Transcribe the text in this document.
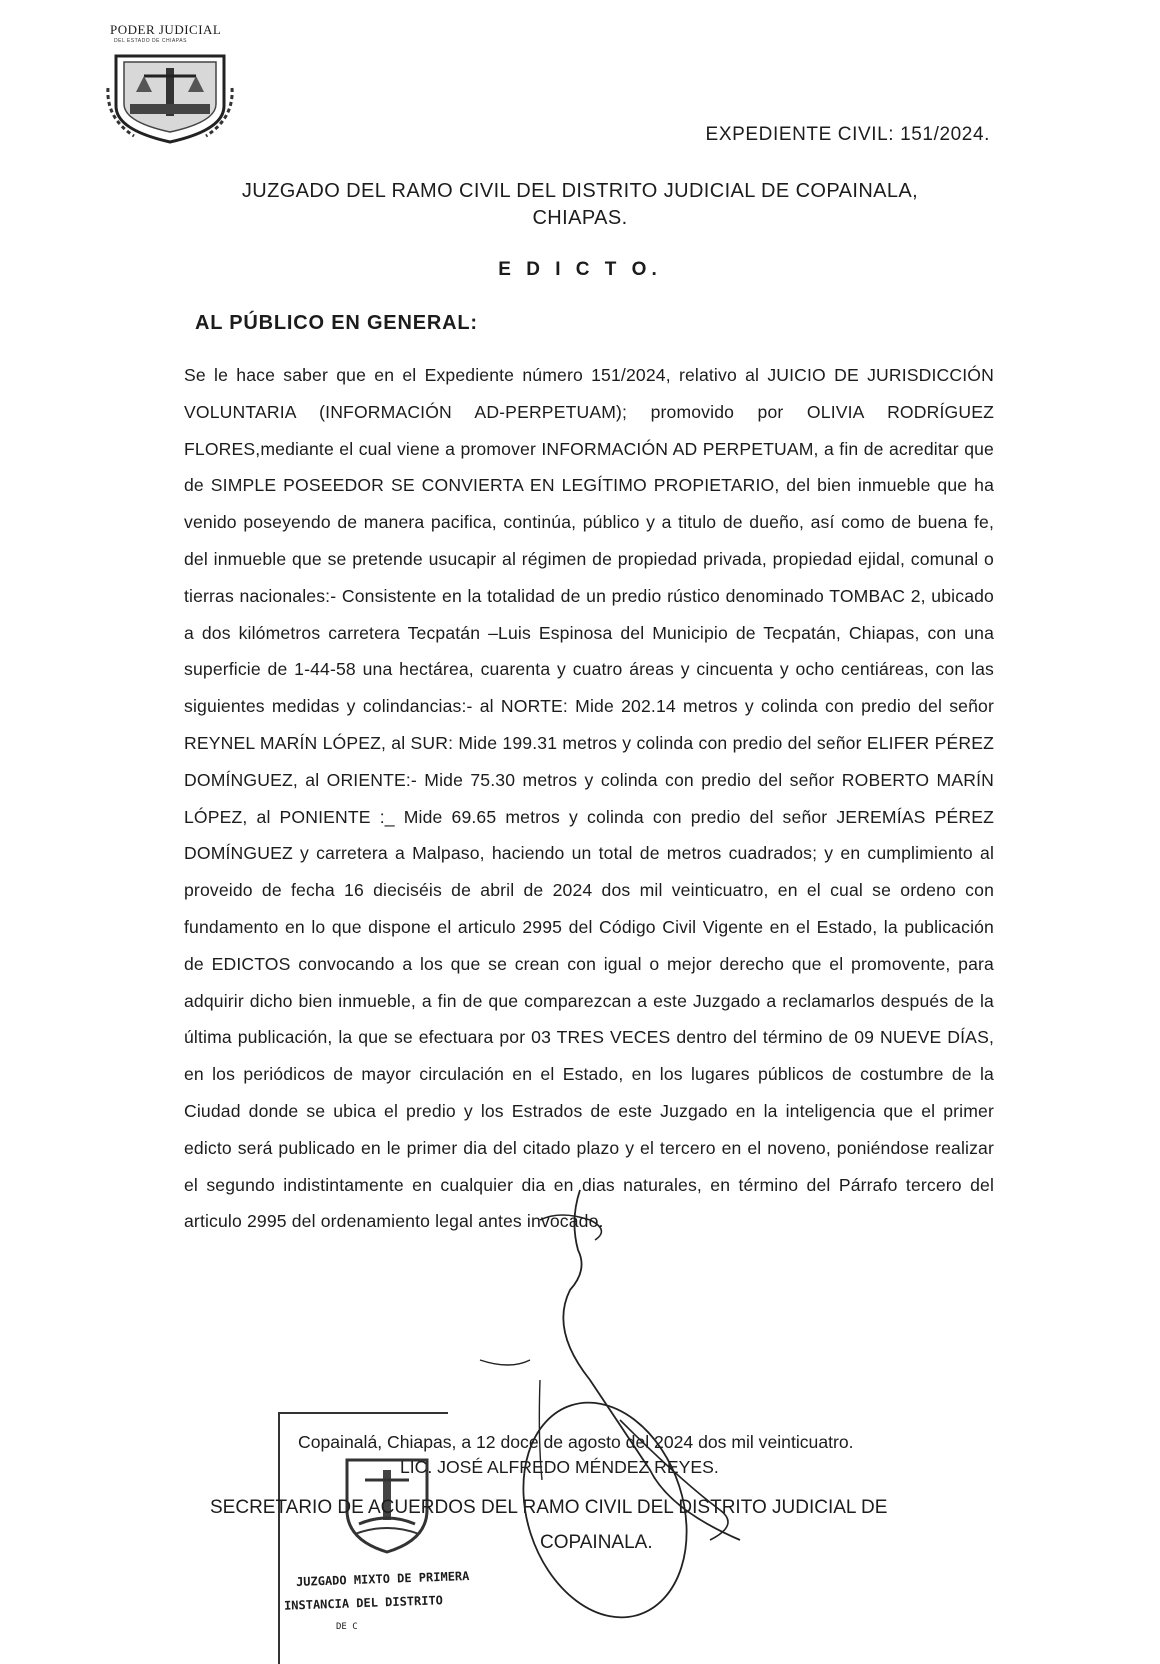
PODER JUDICIAL
DEL ESTADO DE CHIAPAS
EXPEDIENTE CIVIL: 151/2024.
JUZGADO DEL RAMO CIVIL DEL DISTRITO JUDICIAL DE COPAINALA,
CHIAPAS.
E D I C T O.
AL PÚBLICO EN GENERAL:

Se le hace saber que en el Expediente número 151/2024, relativo al JUICIO DE JURISDICCIÓN VOLUNTARIA (INFORMACIÓN AD-PERPETUAM); promovido por OLIVIA RODRÍGUEZ FLORES,mediante el cual viene a promover INFORMACIÓN AD PERPETUAM, a fin de acreditar que de SIMPLE POSEEDOR SE CONVIERTA EN LEGÍTIMO PROPIETARIO, del bien inmueble que ha venido poseyendo de manera pacifica, continúa, público y a titulo de dueño, así como de buena fe, del inmueble que se pretende usucapir al régimen de propiedad privada, propiedad ejidal, comunal o tierras nacionales:- Consistente en la totalidad de un predio rústico denominado TOMBAC 2, ubicado a dos kilómetros carretera Tecpatán –Luis Espinosa del Municipio de Tecpatán, Chiapas, con una superficie de 1-44-58 una hectárea, cuarenta y cuatro áreas y cincuenta y ocho centiáreas, con las siguientes medidas y colindancias:- al NORTE: Mide 202.14 metros y colinda con predio del señor REYNEL MARÍN LÓPEZ, al SUR: Mide 199.31 metros y colinda con predio del señor ELIFER PÉREZ DOMÍNGUEZ, al ORIENTE:- Mide 75.30 metros y colinda con predio del señor ROBERTO MARÍN LÓPEZ, al PONIENTE :_ Mide 69.65 metros y colinda con predio del señor JEREMÍAS PÉREZ DOMÍNGUEZ y carretera a Malpaso, haciendo un total de metros cuadrados; y en cumplimiento al proveido de fecha 16 dieciséis de abril de 2024 dos mil veinticuatro, en el cual se ordeno con fundamento en lo que dispone el articulo 2995 del Código Civil Vigente en el Estado, la publicación de EDICTOS convocando a los que se crean con igual o mejor derecho que el promovente, para adquirir dicho bien inmueble, a fin de que comparezcan a este Juzgado a reclamarlos después de la última publicación, la que se efectuara por 03 TRES VECES dentro del término de 09 NUEVE DÍAS, en los periódicos de mayor circulación en el Estado, en los lugares públicos de costumbre de la Ciudad donde se ubica el predio y los Estrados de este Juzgado en la inteligencia que el primer edicto será publicado en le primer dia del citado plazo y el tercero en el noveno, poniéndose realizar el segundo indistintamente en cualquier dia en dias naturales, en término del Párrafo tercero del articulo 2995 del ordenamiento legal antes invocado.

JUZGADO MIXTO DE PRIMERA
INSTANCIA DEL DISTRITO
DE C
Copainalá, Chiapas, a 12 doce de agosto del 2024 dos mil veinticuatro.
LIC. JOSÉ ALFREDO MÉNDEZ REYES.
SECRETARIO DE ACUERDOS DEL RAMO CIVIL DEL DISTRITO JUDICIAL DE
COPAINALA.
